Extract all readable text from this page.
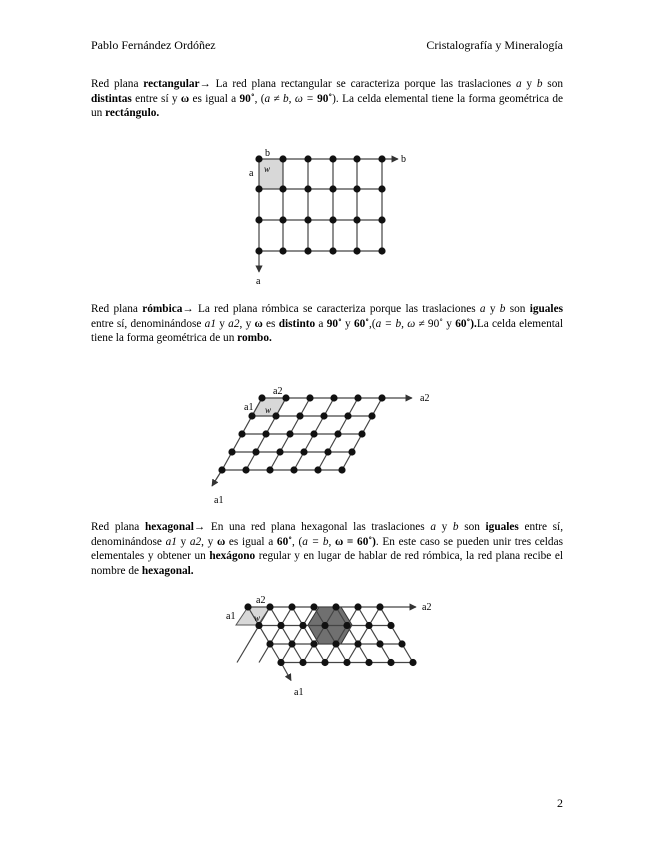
Pablo Fernández Ordóñez	Cristalografía y Mineralogía

Red plana rectangular→ La red plana rectangular se caracteriza porque las traslaciones a y b son distintas entre sí y ω es igual a 90˚, (a ≠ b, ω = 90˚). La celda elemental tiene la forma geométrica de un rectángulo.

b
a w
b
a

Red plana rómbica→ La red plana rómbica se caracteriza porque las traslaciones a y b son iguales entre sí, denominándose a1 y a2, y ω es distinto a 90˚ y 60˚,(a = b, ω ≠ 90˚ y 60˚).La celda elemental tiene la forma geométrica de un rombo.

a2
a1 w
a2
a1

Red plana hexagonal→ En una red plana hexagonal las traslaciones a y b son iguales entre sí, denominándose a1 y a2, y ω es igual a 60˚, (a = b, ω = 60˚). En este caso se pueden unir tres celdas elementales y obtener un hexágono regular y en lugar de hablar de red rómbica, la red plana recibe el nombre de hexagonal.

a2
a1 w
a2
a1
2
